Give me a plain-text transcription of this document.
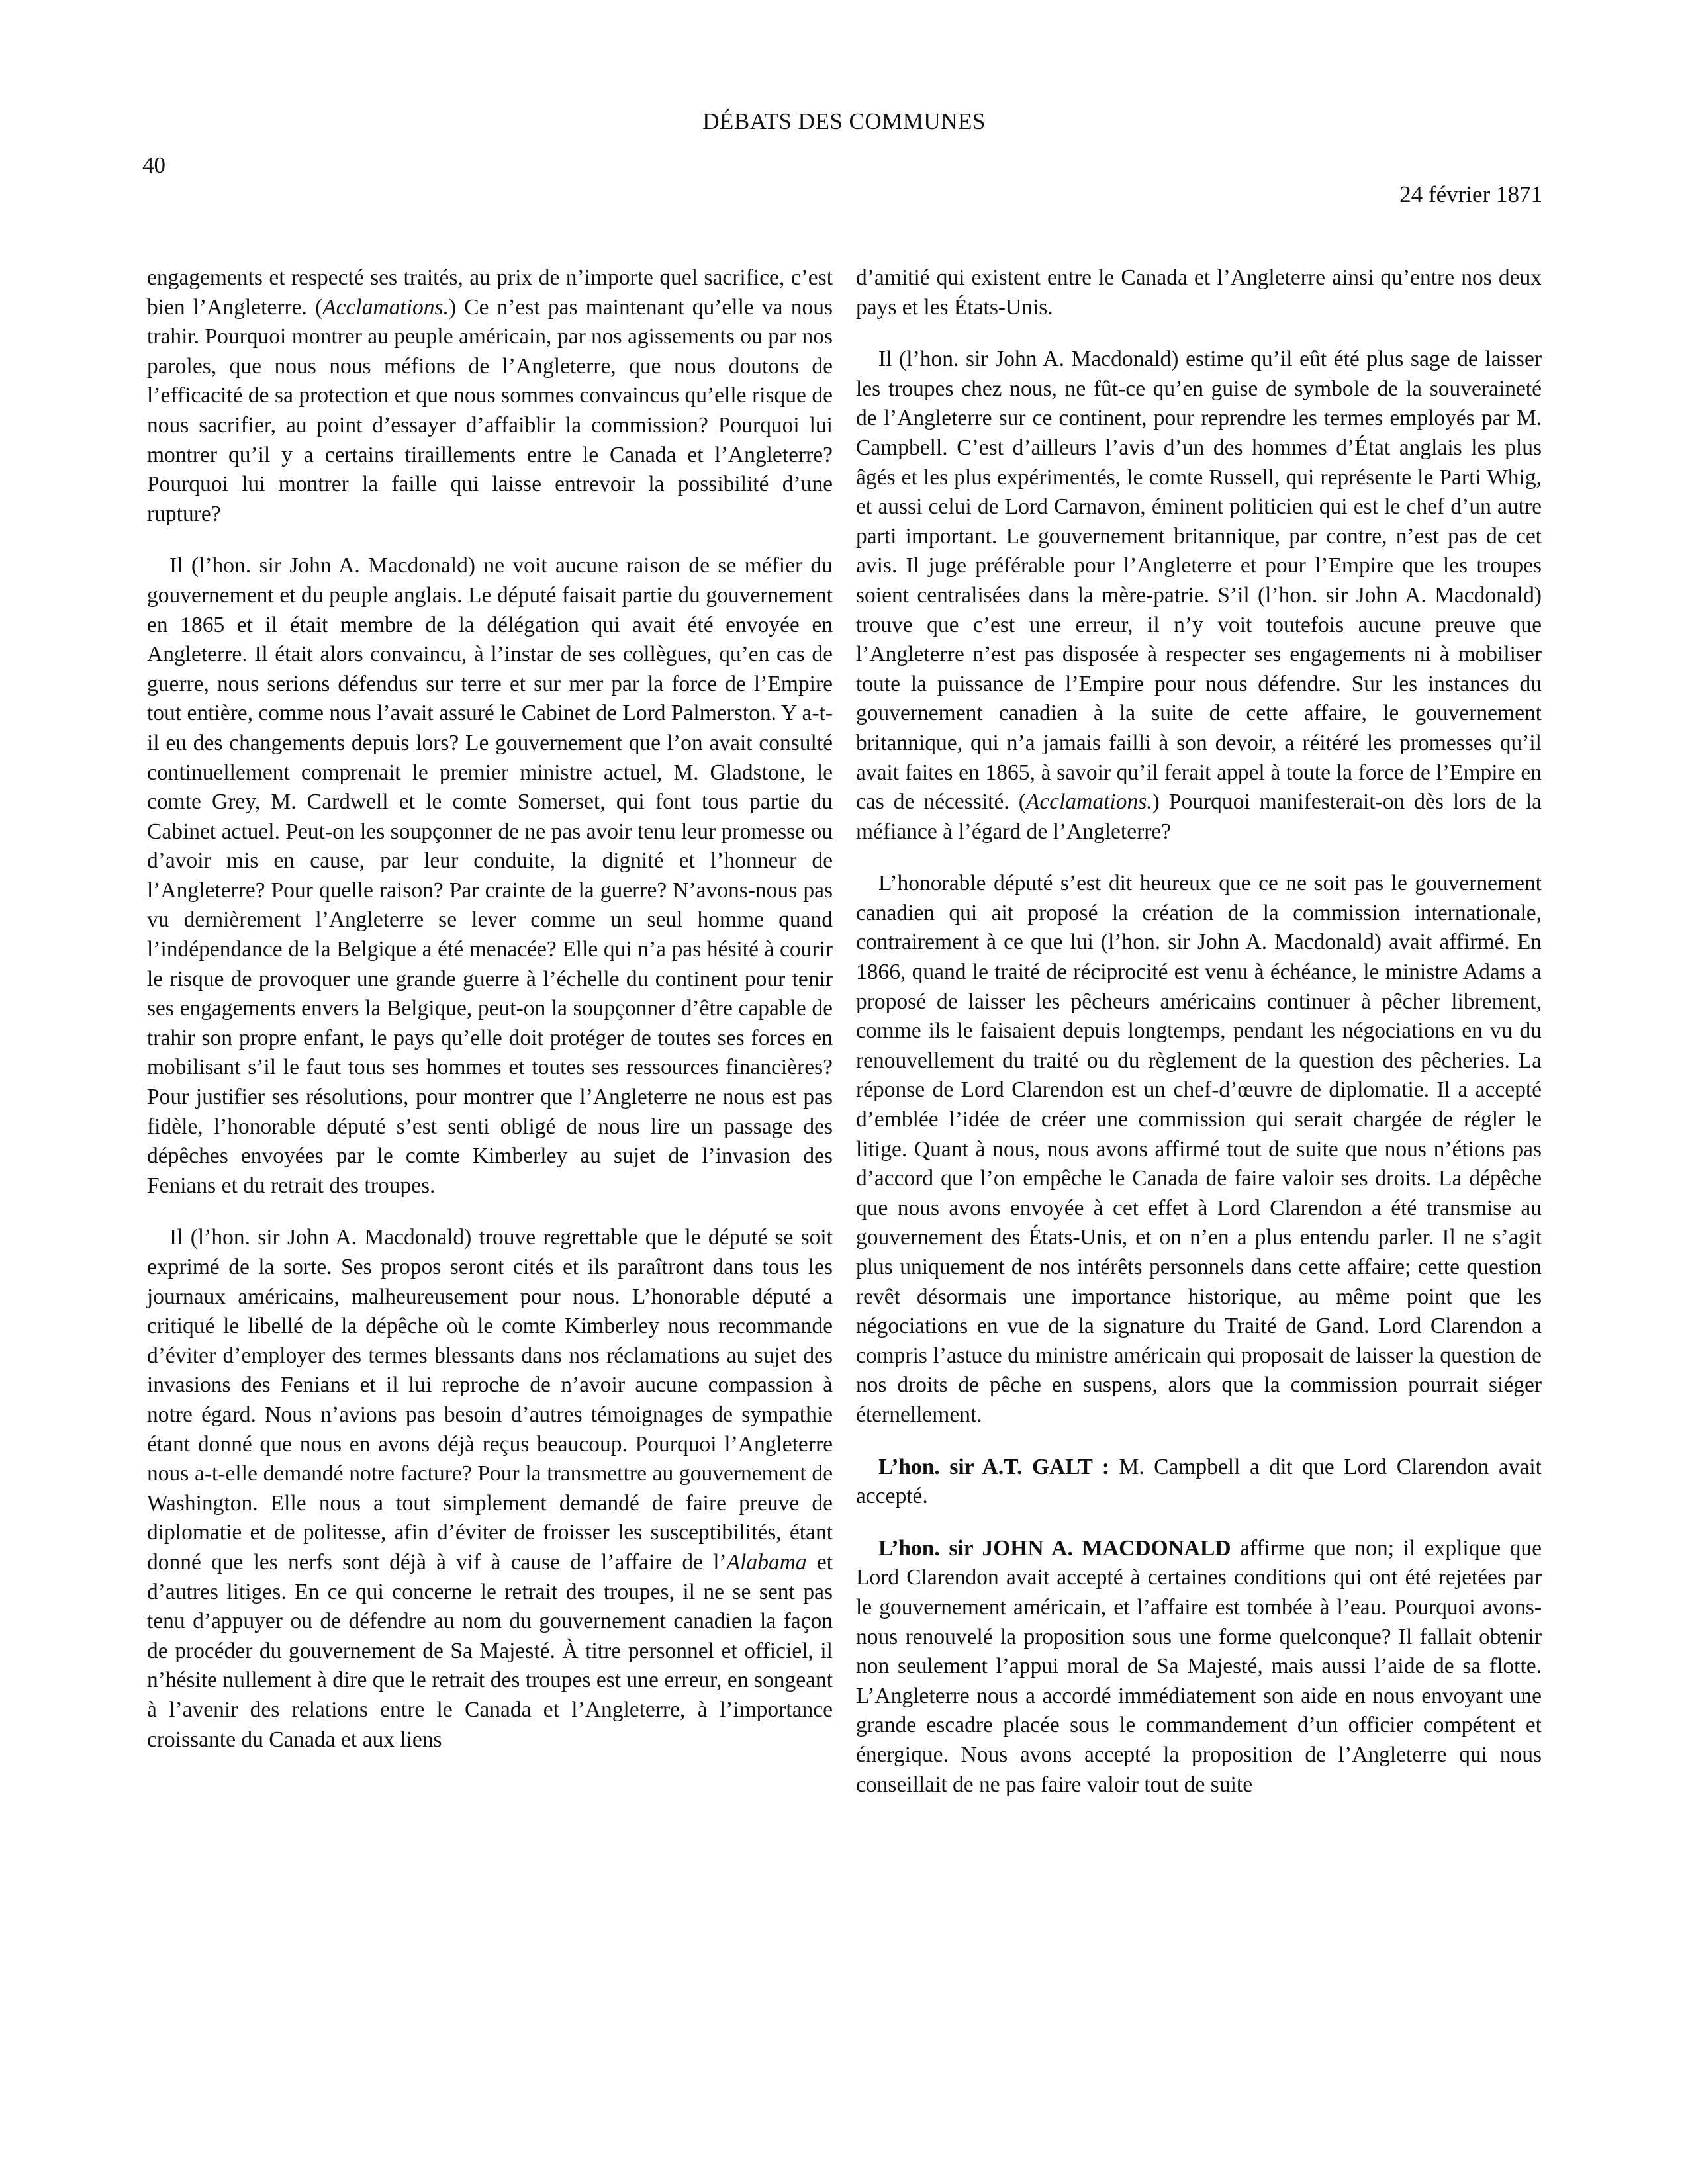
DÉBATS DES COMMUNES
40
24 février 1871

engagements et respecté ses traités, au prix de n’importe quel sacrifice, c’est bien l’Angleterre. (Acclamations.) Ce n’est pas maintenant qu’elle va nous trahir. Pourquoi montrer au peuple américain, par nos agissements ou par nos paroles, que nous nous méfions de l’Angleterre, que nous doutons de l’efficacité de sa protection et que nous sommes convaincus qu’elle risque de nous sacrifier, au point d’essayer d’affaiblir la commission? Pourquoi lui montrer qu’il y a certains tiraillements entre le Canada et l’Angleterre? Pourquoi lui montrer la faille qui laisse entrevoir la possibilité d’une rupture?

Il (l’hon. sir John A. Macdonald) ne voit aucune raison de se méfier du gouvernement et du peuple anglais. Le député faisait partie du gouvernement en 1865 et il était membre de la délégation qui avait été envoyée en Angleterre. Il était alors convaincu, à l’instar de ses collègues, qu’en cas de guerre, nous serions défendus sur terre et sur mer par la force de l’Empire tout entière, comme nous l’avait assuré le Cabinet de Lord Palmerston. Y a-t-il eu des changements depuis lors? Le gouvernement que l’on avait consulté continuellement comprenait le premier ministre actuel, M. Gladstone, le comte Grey, M. Cardwell et le comte Somerset, qui font tous partie du Cabinet actuel. Peut-on les soupçonner de ne pas avoir tenu leur promesse ou d’avoir mis en cause, par leur conduite, la dignité et l’honneur de l’Angleterre? Pour quelle raison? Par crainte de la guerre? N’avons-nous pas vu dernièrement l’Angleterre se lever comme un seul homme quand l’indépendance de la Belgique a été menacée? Elle qui n’a pas hésité à courir le risque de provoquer une grande guerre à l’échelle du continent pour tenir ses engagements envers la Belgique, peut-on la soupçonner d’être capable de trahir son propre enfant, le pays qu’elle doit protéger de toutes ses forces en mobilisant s’il le faut tous ses hommes et toutes ses ressources financières? Pour justifier ses résolutions, pour montrer que l’Angleterre ne nous est pas fidèle, l’honorable député s’est senti obligé de nous lire un passage des dépêches envoyées par le comte Kimberley au sujet de l’invasion des Fenians et du retrait des troupes.

Il (l’hon. sir John A. Macdonald) trouve regrettable que le député se soit exprimé de la sorte. Ses propos seront cités et ils paraîtront dans tous les journaux américains, malheureusement pour nous. L’honorable député a critiqué le libellé de la dépêche où le comte Kimberley nous recommande d’éviter d’employer des termes blessants dans nos réclamations au sujet des invasions des Fenians et il lui reproche de n’avoir aucune compassion à notre égard. Nous n’avions pas besoin d’autres témoignages de sympathie étant donné que nous en avons déjà reçus beaucoup. Pourquoi l’Angleterre nous a-t-elle demandé notre facture? Pour la transmettre au gouvernement de Washington. Elle nous a tout simplement demandé de faire preuve de diplomatie et de politesse, afin d’éviter de froisser les susceptibilités, étant donné que les nerfs sont déjà à vif à cause de l’affaire de l’Alabama et d’autres litiges. En ce qui concerne le retrait des troupes, il ne se sent pas tenu d’appuyer ou de défendre au nom du gouvernement canadien la façon de procéder du gouvernement de Sa Majesté. À titre personnel et officiel, il n’hésite nullement à dire que le retrait des troupes est une erreur, en songeant à l’avenir des relations entre le Canada et l’Angleterre, à l’importance croissante du Canada et aux liens

d’amitié qui existent entre le Canada et l’Angleterre ainsi qu’entre nos deux pays et les États-Unis.

Il (l’hon. sir John A. Macdonald) estime qu’il eût été plus sage de laisser les troupes chez nous, ne fût-ce qu’en guise de symbole de la souveraineté de l’Angleterre sur ce continent, pour reprendre les termes employés par M. Campbell. C’est d’ailleurs l’avis d’un des hommes d’État anglais les plus âgés et les plus expérimentés, le comte Russell, qui représente le Parti Whig, et aussi celui de Lord Carnavon, éminent politicien qui est le chef d’un autre parti important. Le gouvernement britannique, par contre, n’est pas de cet avis. Il juge préférable pour l’Angleterre et pour l’Empire que les troupes soient centralisées dans la mère-patrie. S’il (l’hon. sir John A. Macdonald) trouve que c’est une erreur, il n’y voit toutefois aucune preuve que l’Angleterre n’est pas disposée à respecter ses engagements ni à mobiliser toute la puissance de l’Empire pour nous défendre. Sur les instances du gouvernement canadien à la suite de cette affaire, le gouvernement britannique, qui n’a jamais failli à son devoir, a réitéré les promesses qu’il avait faites en 1865, à savoir qu’il ferait appel à toute la force de l’Empire en cas de nécessité. (Acclamations.) Pourquoi manifesterait-on dès lors de la méfiance à l’égard de l’Angleterre?

L’honorable député s’est dit heureux que ce ne soit pas le gouvernement canadien qui ait proposé la création de la commission internationale, contrairement à ce que lui (l’hon. sir John A. Macdonald) avait affirmé. En 1866, quand le traité de réciprocité est venu à échéance, le ministre Adams a proposé de laisser les pêcheurs américains continuer à pêcher librement, comme ils le faisaient depuis longtemps, pendant les négociations en vu du renouvellement du traité ou du règlement de la question des pêcheries. La réponse de Lord Clarendon est un chef-d’œuvre de diplomatie. Il a accepté d’emblée l’idée de créer une commission qui serait chargée de régler le litige. Quant à nous, nous avons affirmé tout de suite que nous n’étions pas d’accord que l’on empêche le Canada de faire valoir ses droits. La dépêche que nous avons envoyée à cet effet à Lord Clarendon a été transmise au gouvernement des États-Unis, et on n’en a plus entendu parler. Il ne s’agit plus uniquement de nos intérêts personnels dans cette affaire; cette question revêt désormais une importance historique, au même point que les négociations en vue de la signature du Traité de Gand. Lord Clarendon a compris l’astuce du ministre américain qui proposait de laisser la question de nos droits de pêche en suspens, alors que la commission pourrait siéger éternellement.

L’hon. sir A.T. GALT : M. Campbell a dit que Lord Clarendon avait accepté.

L’hon. sir JOHN A. MACDONALD affirme que non; il explique que Lord Clarendon avait accepté à certaines conditions qui ont été rejetées par le gouvernement américain, et l’affaire est tombée à l’eau. Pourquoi avons-nous renouvelé la proposition sous une forme quelconque? Il fallait obtenir non seulement l’appui moral de Sa Majesté, mais aussi l’aide de sa flotte. L’Angleterre nous a accordé immédiatement son aide en nous envoyant une grande escadre placée sous le commandement d’un officier compétent et énergique. Nous avons accepté la proposition de l’Angleterre qui nous conseillait de ne pas faire valoir tout de suite
